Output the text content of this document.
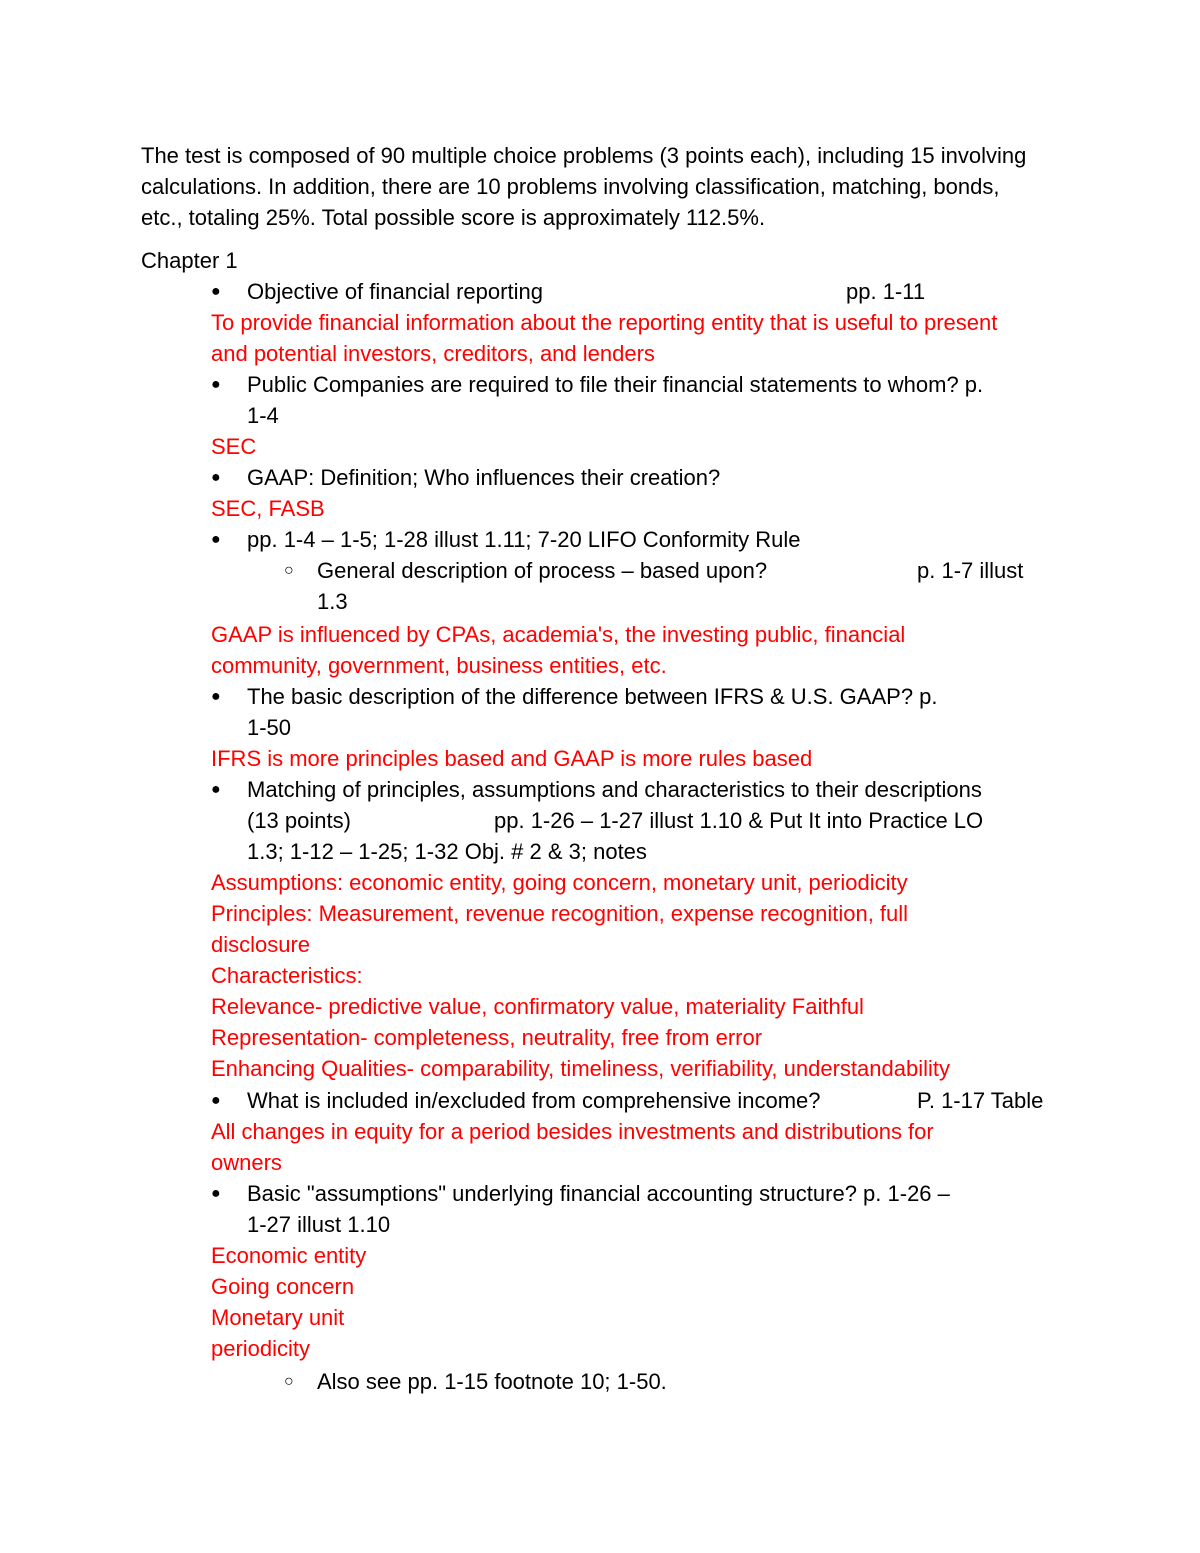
The test is composed of 90 multiple choice problems (3 points each), including 15 involving calculations. In addition, there are 10 problems involving classification, matching, bonds, etc., totaling 25%. Total possible score is approximately 112.5%.

Chapter 1
● Objective of financial reporting	pp. 1-11
To provide financial information about the reporting entity that is useful to present
and potential investors, creditors, and lenders
● Public Companies are required to file their financial statements to whom? p.
1-4
SEC
● GAAP: Definition; Who influences their creation?
SEC, FASB
● pp. 1-4 – 1-5; 1-28 illust 1.11; 7-20 LIFO Conformity Rule
○ General description of process – based upon?	p. 1-7 illust
1.3
GAAP is influenced by CPAs, academia's, the investing public, financial
community, government, business entities, etc.
● The basic description of the difference between IFRS & U.S. GAAP? p.
1-50
IFRS is more principles based and GAAP is more rules based
● Matching of principles, assumptions and characteristics to their descriptions
(13 points)	pp. 1-26 – 1-27 illust 1.10 & Put It into Practice LO
1.3; 1-12 – 1-25; 1-32 Obj. # 2 & 3; notes
Assumptions: economic entity, going concern, monetary unit, periodicity
Principles: Measurement, revenue recognition, expense recognition, full
disclosure
Characteristics:
Relevance- predictive value, confirmatory value, materiality Faithful
Representation- completeness, neutrality, free from error
Enhancing Qualities- comparability, timeliness, verifiability, understandability
● What is included in/excluded from comprehensive income?	P. 1-17 Table
All changes in equity for a period besides investments and distributions for
owners
● Basic "assumptions" underlying financial accounting structure? p. 1-26 –
1-27 illust 1.10
Economic entity
Going concern
Monetary unit
periodicity
○ Also see pp. 1-15 footnote 10; 1-50.
